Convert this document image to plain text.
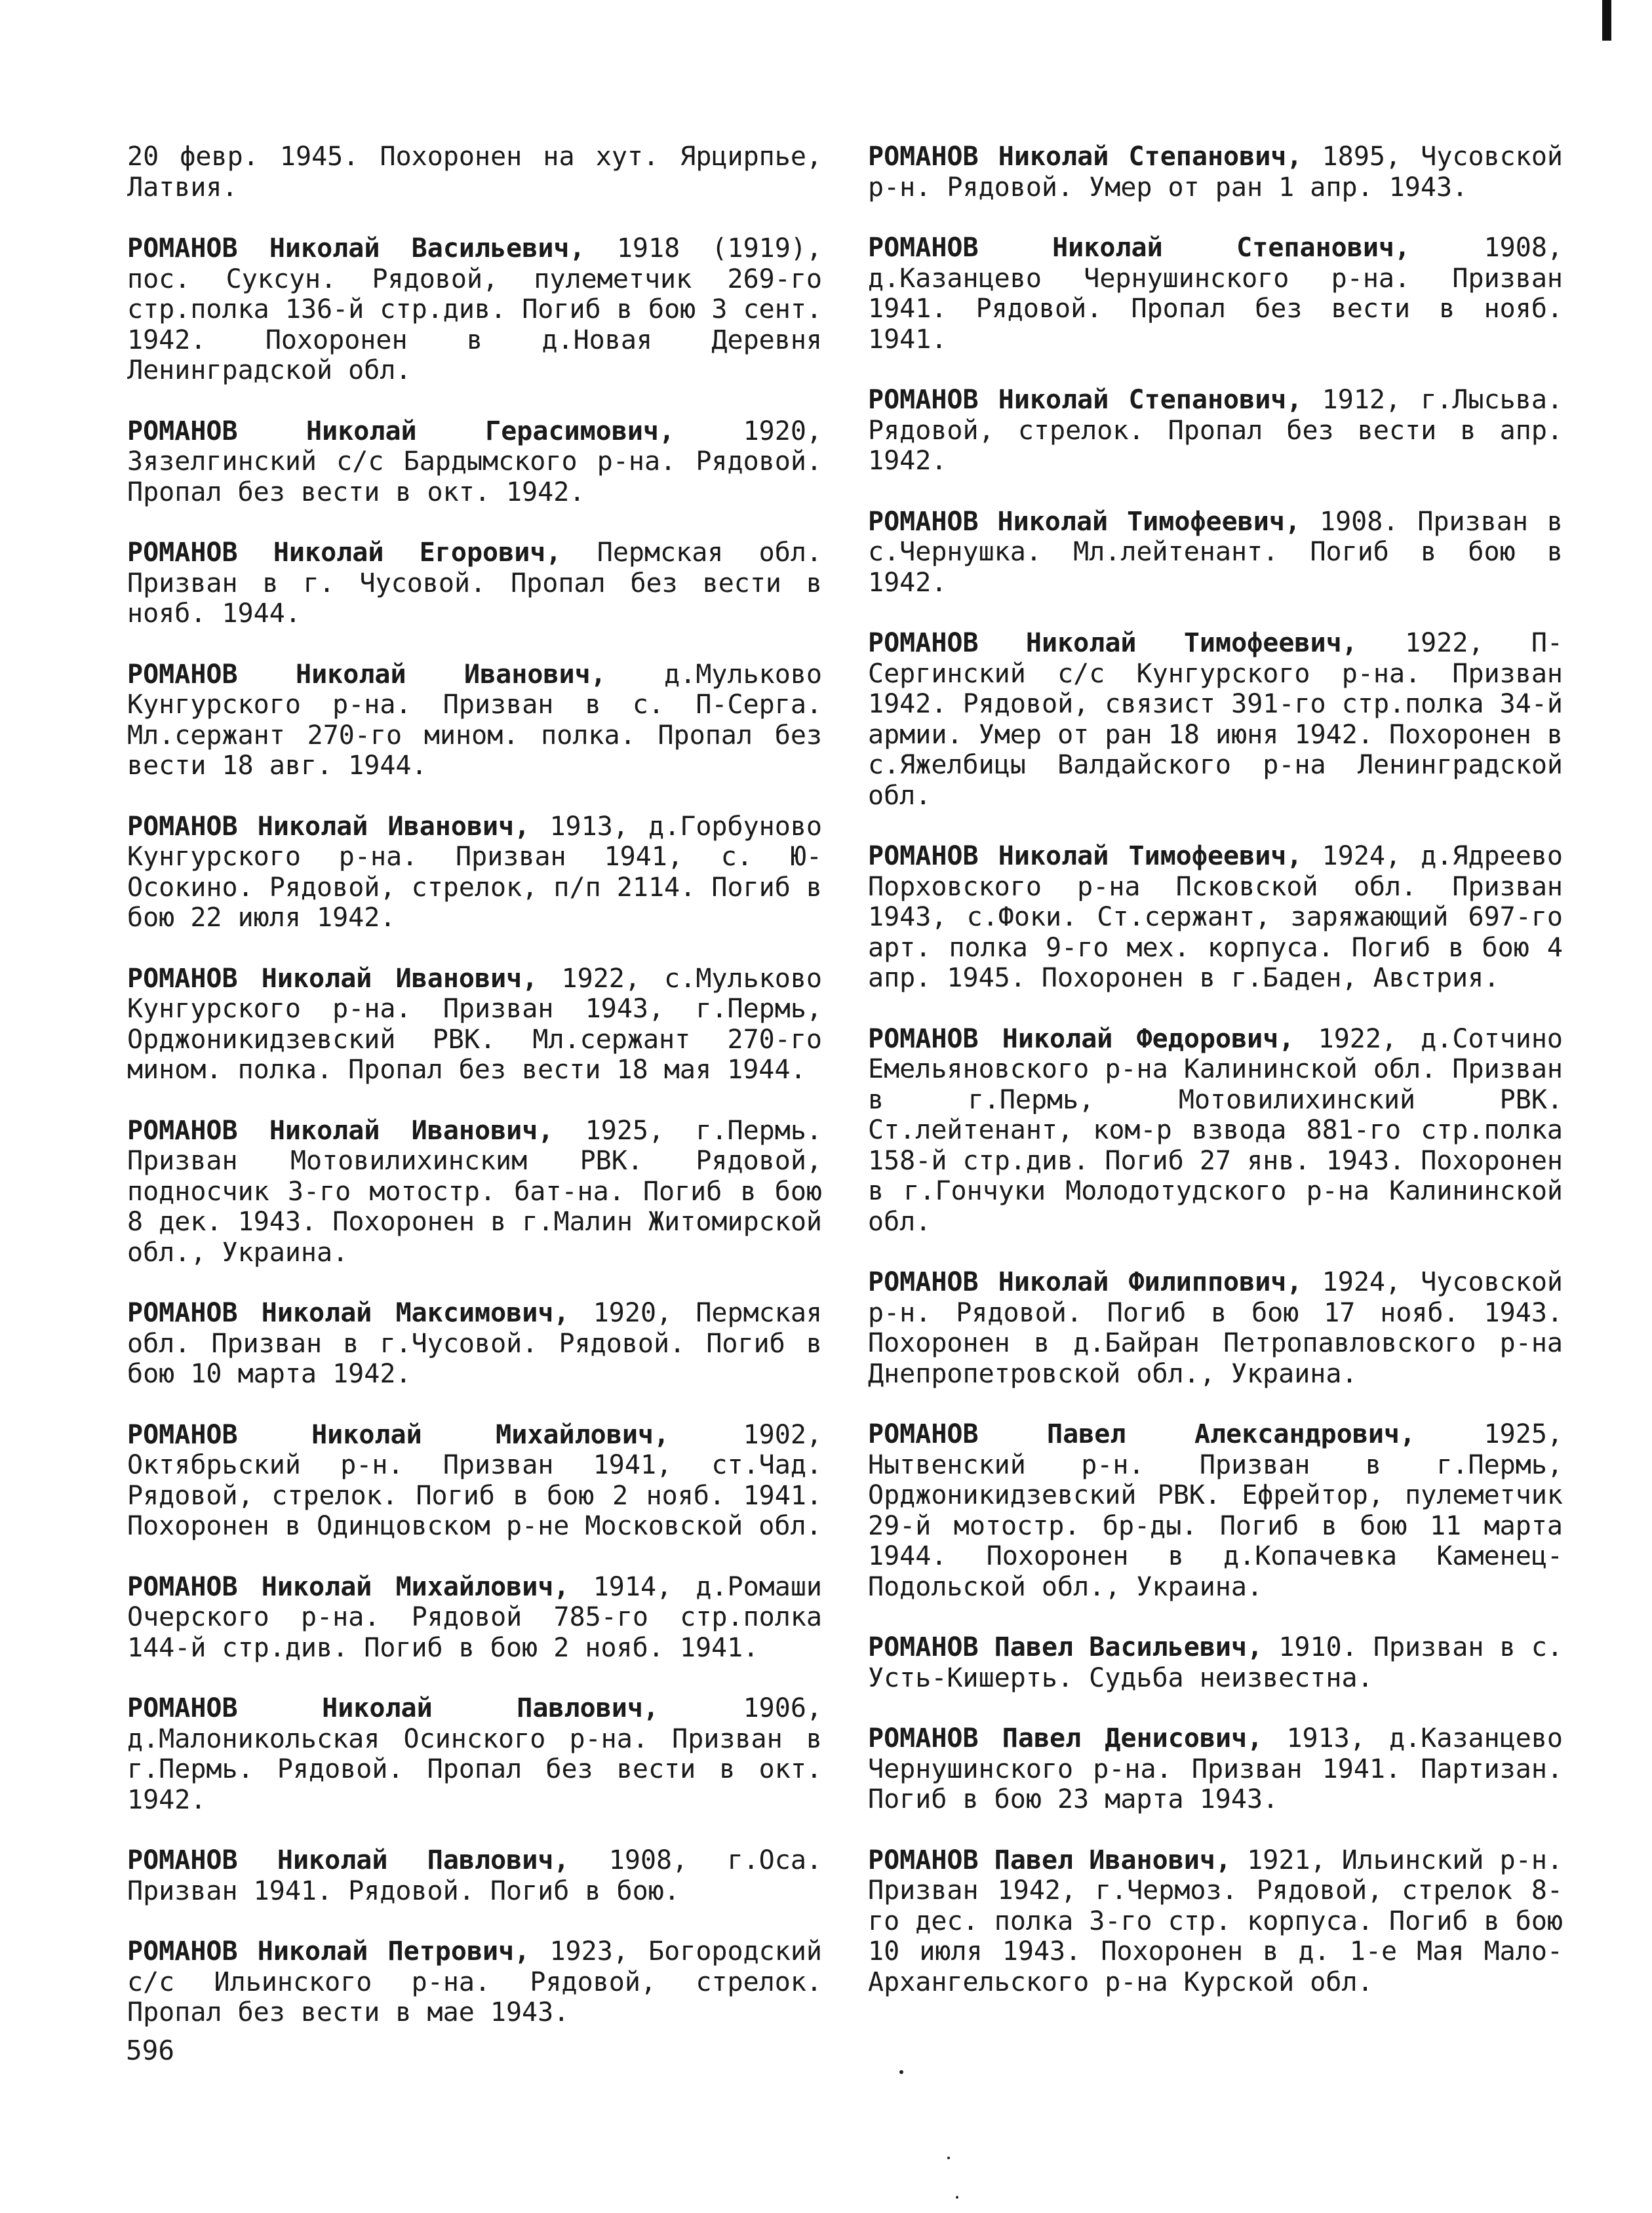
20 февр. 1945. Похоронен на хут. Ярцирпье, Латвия.

РОМАНОВ Николай Васильевич, 1918 (1919), пос. Суксун. Рядовой, пулеметчик 269-го стр.полка 136-й стр.див. Погиб в бою 3 сент. 1942. Похоронен в д.Новая Деревня Ленинградской обл.

РОМАНОВ Николай Герасимович, 1920, Зязелгинский с/с Бардымского р-на. Рядовой. Пропал без вести в окт. 1942.

РОМАНОВ Николай Егорович, Пермская обл. Призван в г. Чусовой. Пропал без вести в нояб. 1944.

РОМАНОВ Николай Иванович, д.Мульково Кунгурского р-на. Призван в с. П-Серга. Мл.сержант 270-го мином. полка. Пропал без вести 18 авг. 1944.

РОМАНОВ Николай Иванович, 1913, д.Горбуново Кунгурского р-на. Призван 1941, с. Ю-Осокино. Рядовой, стрелок, п/п 2114. Погиб в бою 22 июля 1942.

РОМАНОВ Николай Иванович, 1922, с.Мульково Кунгурского р-на. Призван 1943, г.Пермь, Орджоникидзевский РВК. Мл.сержант 270-го мином. полка. Пропал без вести 18 мая 1944.

РОМАНОВ Николай Иванович, 1925, г.Пермь. Призван Мотовилихинским РВК. Рядовой, подносчик 3-го мотостр. бат-на. Погиб в бою 8 дек. 1943. Похоронен в г.Малин Житомирской обл., Украина.

РОМАНОВ Николай Максимович, 1920, Пермская обл. Призван в г.Чусовой. Рядовой. Погиб в бою 10 марта 1942.

РОМАНОВ Николай Михайлович, 1902, Октябрьский р-н. Призван 1941, ст.Чад. Рядовой, стрелок. Погиб в бою 2 нояб. 1941. Похоронен в Одинцовском р-не Московской обл.

РОМАНОВ Николай Михайлович, 1914, д.Ромаши Очерского р-на. Рядовой 785-го стр.полка 144-й стр.див. Погиб в бою 2 нояб. 1941.

РОМАНОВ Николай Павлович, 1906, д.Малоникольская Осинского р-на. Призван в г.Пермь. Рядовой. Пропал без вести в окт. 1942.

РОМАНОВ Николай Павлович, 1908, г.Оса. Призван 1941. Рядовой. Погиб в бою.

РОМАНОВ Николай Петрович, 1923, Богородский с/с Ильинского р-на. Рядовой, стрелок. Пропал без вести в мае 1943.

РОМАНОВ Николай Степанович, 1895, Чусовской р-н. Рядовой. Умер от ран 1 апр. 1943.

РОМАНОВ Николай Степанович, 1908, д.Казанцево Чернушинского р-на. Призван 1941. Рядовой. Пропал без вести в нояб. 1941.

РОМАНОВ Николай Степанович, 1912, г.Лысьва. Рядовой, стрелок. Пропал без вести в апр. 1942.

РОМАНОВ Николай Тимофеевич, 1908. Призван в с.Чернушка. Мл.лейтенант. Погиб в бою в 1942.

РОМАНОВ Николай Тимофеевич, 1922, П-Сергинский с/с Кунгурского р-на. Призван 1942. Рядовой, связист 391-го стр.полка 34-й армии. Умер от ран 18 июня 1942. Похоронен в с.Яжелбицы Валдайского р-на Ленинградской обл.

РОМАНОВ Николай Тимофеевич, 1924, д.Ядреево Порховского р-на Псковской обл. Призван 1943, с.Фоки. Ст.сержант, заряжающий 697-го арт. полка 9-го мех. корпуса. Погиб в бою 4 апр. 1945. Похоронен в г.Баден, Австрия.

РОМАНОВ Николай Федорович, 1922, д.Сотчино Емельяновского р-на Калининской обл. Призван в г.Пермь, Мотовилихинский РВК. Ст.лейтенант, ком-р взвода 881-го стр.полка 158-й стр.див. Погиб 27 янв. 1943. Похоронен в г.Гончуки Молодотудского р-на Калининской обл.

РОМАНОВ Николай Филиппович, 1924, Чусовской р-н. Рядовой. Погиб в бою 17 нояб. 1943. Похоронен в д.Байран Петропавловского р-на Днепропетровской обл., Украина.

РОМАНОВ Павел Александрович, 1925, Нытвенский р-н. Призван в г.Пермь, Орджоникидзевский РВК. Ефрейтор, пулеметчик 29-й мотостр. бр-ды. Погиб в бою 11 марта 1944. Похоронен в д.Копачевка Каменец-Подольской обл., Украина.

РОМАНОВ Павел Васильевич, 1910. Призван в с. Усть-Кишерть. Судьба неизвестна.

РОМАНОВ Павел Денисович, 1913, д.Казанцево Чернушинского р-на. Призван 1941. Партизан. Погиб в бою 23 марта 1943.

РОМАНОВ Павел Иванович, 1921, Ильинский р-н. Призван 1942, г.Чермоз. Рядовой, стрелок 8-го дес. полка 3-го стр. корпуса. Погиб в бою 10 июля 1943. Похоронен в д. 1-е Мая Мало-Архангельского р-на Курской обл.

596
